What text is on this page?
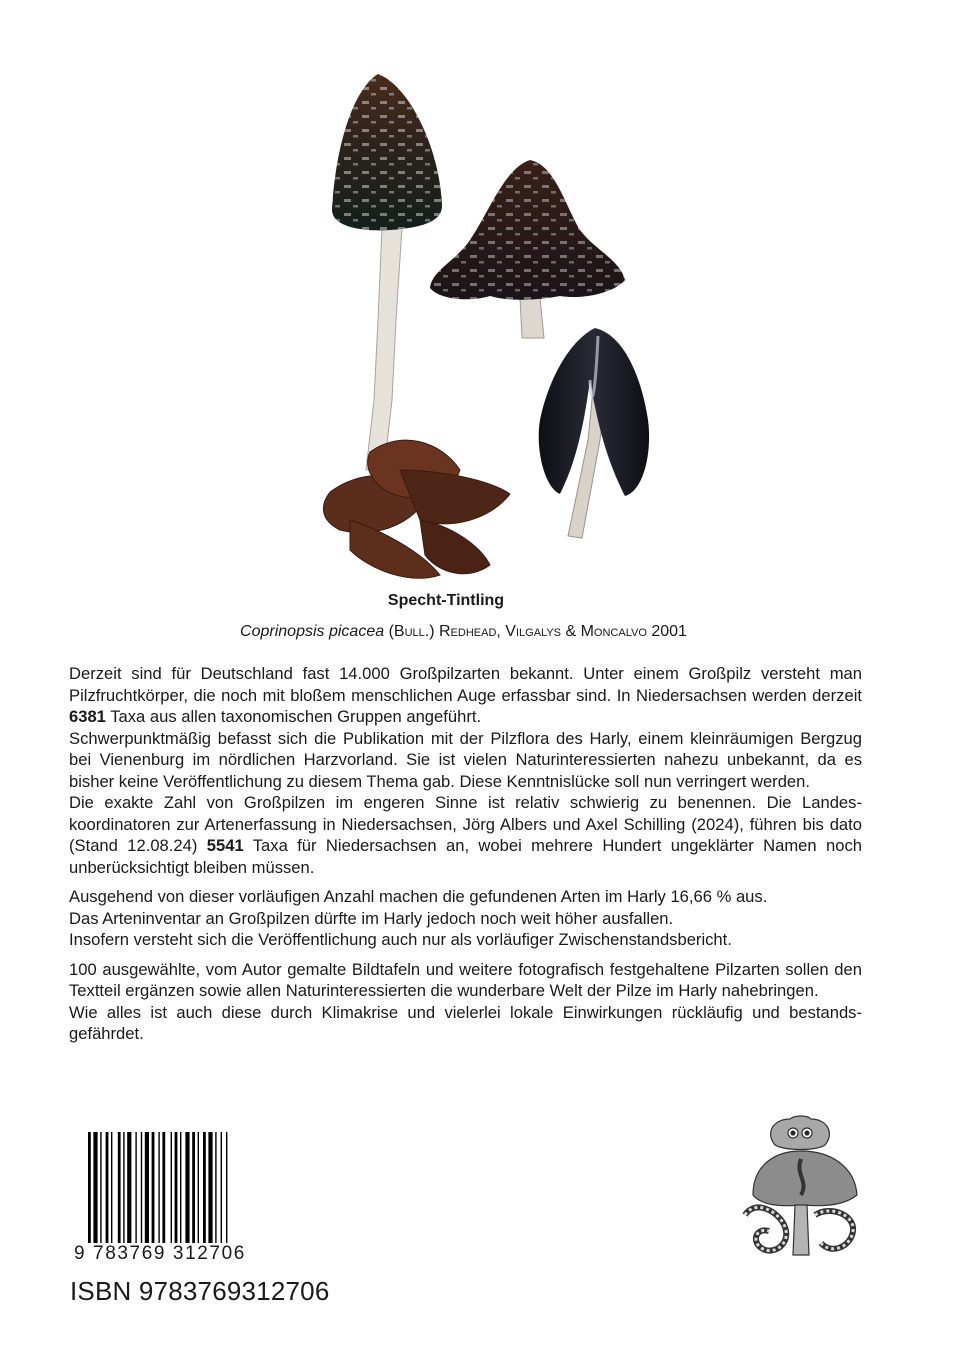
Specht-Tintling
Coprinopsis picacea (Bull.) Redhead, Vilgalys & Moncalvo 2001

Derzeit sind für Deutschland fast 14.000 Großpilzarten bekannt. Unter einem Großpilz versteht man Pilzfruchtkörper, die noch mit bloßem menschlichen Auge erfassbar sind. In Niedersachsen werden derzeit 6381 Taxa aus allen taxonomischen Gruppen angeführt.

Schwerpunktmäßig befasst sich die Publikation mit der Pilzflora des Harly, einem kleinräumigen Bergzug bei Vienenburg im nördlichen Harzvorland. Sie ist vielen Naturinteressierten nahezu unbekannt, da es bisher keine Veröffentlichung zu diesem Thema gab. Diese Kenntnislücke soll nun verringert werden.

Die exakte Zahl von Großpilzen im engeren Sinne ist relativ schwierig zu benennen. Die Landeskoordinatoren zur Artenerfassung in Niedersachsen, Jörg Albers und Axel Schilling (2024), führen bis dato (Stand 12.08.24) 5541 Taxa für Niedersachsen an, wobei mehrere Hundert ungeklärter Namen noch unberücksichtigt bleiben müssen.

Ausgehend von dieser vorläufigen Anzahl machen die gefundenen Arten im Harly 16,66 % aus.

Das Arteninventar an Großpilzen dürfte im Harly jedoch noch weit höher ausfallen.

Insofern versteht sich die Veröffentlichung auch nur als vorläufiger Zwischenstandsbericht.

100 ausgewählte, vom Autor gemalte Bildtafeln und weitere fotografisch festgehaltene Pilzarten sollen den Textteil ergänzen sowie allen Naturinteressierten die wunderbare Welt der Pilze im Harly nahebringen.

Wie alles ist auch diese durch Klimakrise und vielerlei lokale Einwirkungen rückläufig und bestandsgefährdet.

9 783769 312706
ISBN 9783769312706
